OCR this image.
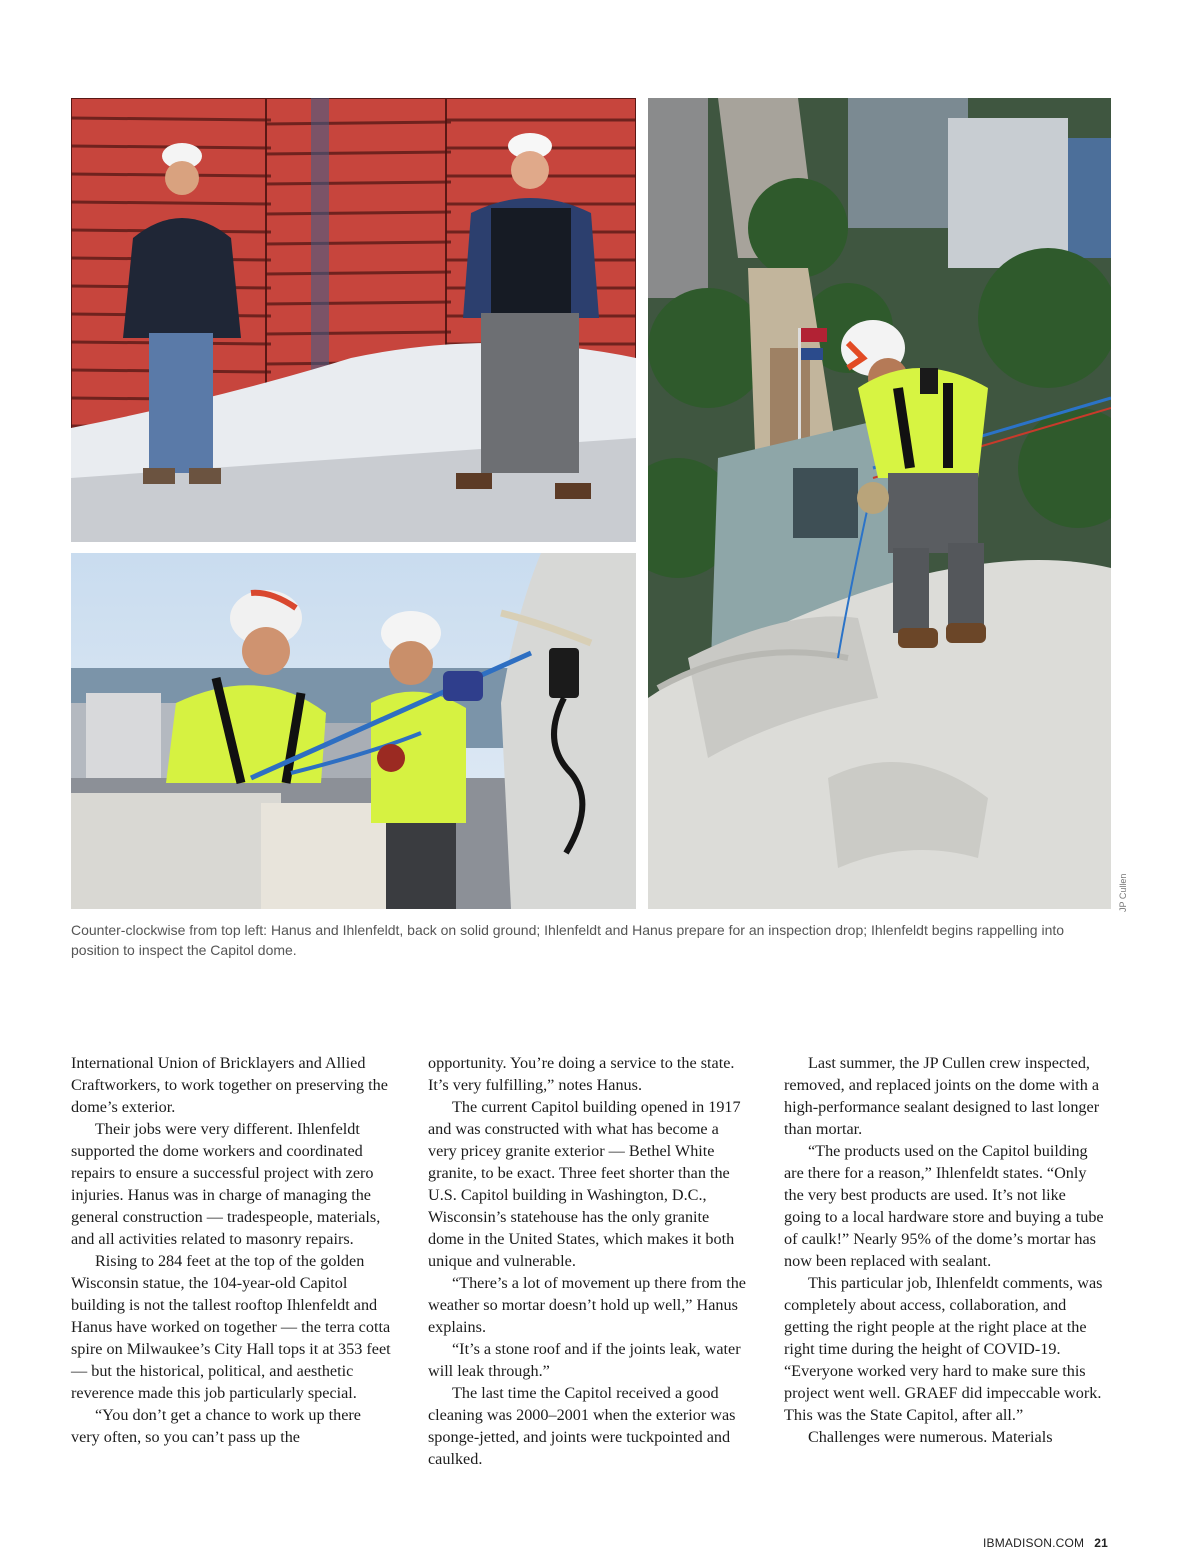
JP Cullen
Counter-clockwise from top left: Hanus and Ihlenfeldt, back on solid ground; Ihlenfeldt and Hanus prepare for an inspection drop; Ihlenfeldt begins rappelling into position to inspect the Capitol dome.

International Union of Bricklayers and Allied Craftworkers, to work together on preserving the dome’s exterior.

Their jobs were very different. Ihlenfeldt supported the dome workers and coordinated repairs to ensure a successful project with zero injuries. Hanus was in charge of managing the general construction — tradespeople, materials, and all activities related to masonry repairs.

Rising to 284 feet at the top of the golden Wisconsin statue, the 104-year-old Capitol building is not the tallest rooftop Ihlenfeldt and Hanus have worked on together — the terra cotta spire on Milwaukee’s City Hall tops it at 353 feet — but the historical, political, and aesthetic reverence made this job particularly special.

“You don’t get a chance to work up there very often, so you can’t pass up the

opportunity. You’re doing a service to the state. It’s very fulfilling,” notes Hanus.

The current Capitol building opened in 1917 and was constructed with what has become a very pricey granite exterior — Bethel White granite, to be exact. Three feet shorter than the U.S. Capitol building in Washington, D.C., Wisconsin’s statehouse has the only granite dome in the United States, which makes it both unique and vulnerable.

“There’s a lot of movement up there from the weather so mortar doesn’t hold up well,” Hanus explains.

“It’s a stone roof and if the joints leak, water will leak through.”

The last time the Capitol received a good cleaning was 2000–2001 when the exterior was sponge-jetted, and joints were tuckpointed and caulked.

Last summer, the JP Cullen crew inspected, removed, and replaced joints on the dome with a high-performance sealant designed to last longer than mortar.

“The products used on the Capitol building are there for a reason,” Ihlenfeldt states. “Only the very best products are used. It’s not like going to a local hardware store and buying a tube of caulk!” Nearly 95% of the dome’s mortar has now been replaced with sealant.

This particular job, Ihlenfeldt comments, was completely about access, collaboration, and getting the right people at the right place at the right time during the height of COVID-19. “Everyone worked very hard to make sure this project went well. GRAEF did impeccable work. This was the State Capitol, after all.”

Challenges were numerous. Materials

IBMADISON.COM 21
